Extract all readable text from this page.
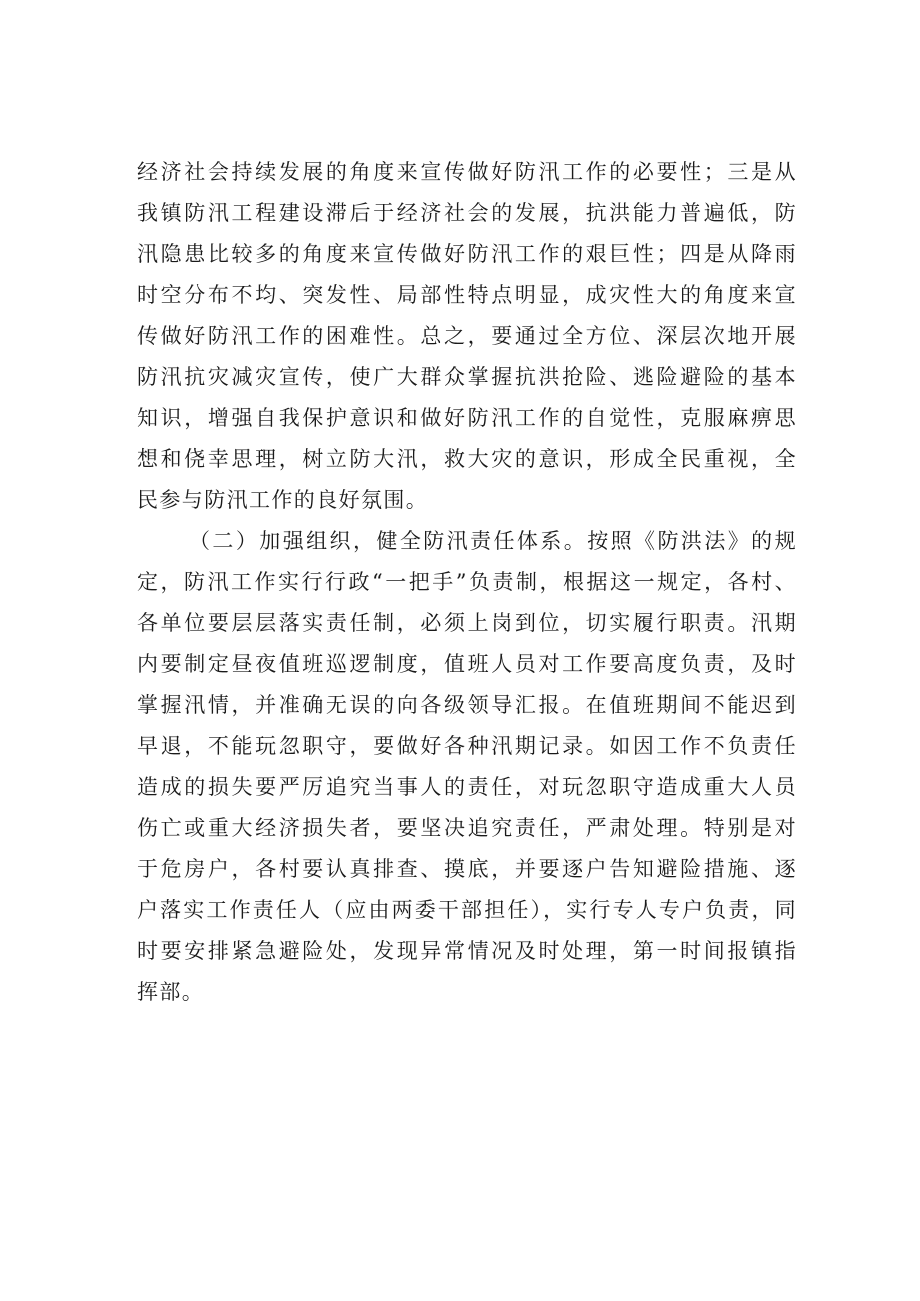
经济社会持续发展的角度来宣传做好防汛工作的必要性；三是从
我镇防汛工程建设滞后于经济社会的发展，抗洪能力普遍低，防
汛隐患比较多的角度来宣传做好防汛工作的艰巨性；四是从降雨
时空分布不均、突发性、局部性特点明显，成灾性大的角度来宣
传做好防汛工作的困难性。总之，要通过全方位、深层次地开展
防汛抗灾减灾宣传，使广大群众掌握抗洪抢险、逃险避险的基本
知识，增强自我保护意识和做好防汛工作的自觉性，克服麻痹思
想和侥幸思理，树立防大汛，救大灾的意识，形成全民重视，全
民参与防汛工作的良好氛围。
（二）加强组织，健全防汛责任体系。按照《防洪法》的规
定，防汛工作实行行政“一把手”负责制，根据这一规定，各村、
各单位要层层落实责任制，必须上岗到位，切实履行职责。汛期
内要制定昼夜值班巡逻制度，值班人员对工作要高度负责，及时
掌握汛情，并准确无误的向各级领导汇报。在值班期间不能迟到
早退，不能玩忽职守，要做好各种汛期记录。如因工作不负责任
造成的损失要严厉追究当事人的责任，对玩忽职守造成重大人员
伤亡或重大经济损失者，要坚决追究责任，严肃处理。特别是对
于危房户，各村要认真排查、摸底，并要逐户告知避险措施、逐
户落实工作责任人（应由两委干部担任），实行专人专户负责，同
时要安排紧急避险处，发现异常情况及时处理，第一时间报镇指
挥部。
